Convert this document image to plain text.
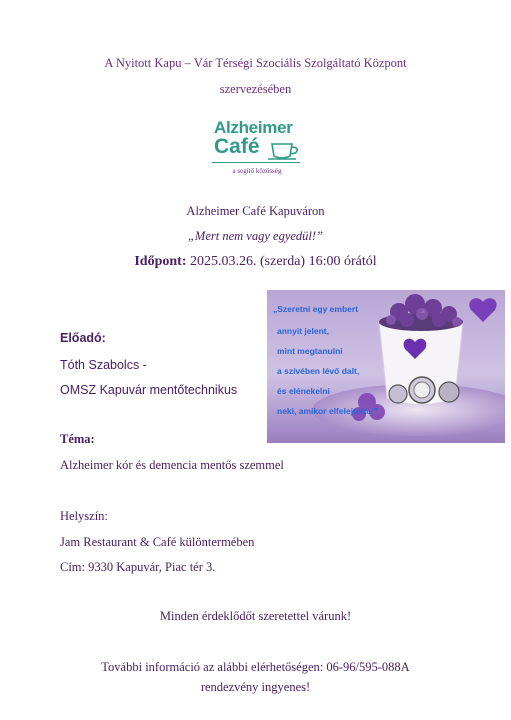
A Nyitott Kapu – Vár Térségi Szociális Szolgáltató Központ
szervezésében
Alzheimer
Café
a segítő közösség
Alzheimer Café Kapuváron
„Mert nem vagy egyedül!”
Időpont: 2025.03.26. (szerda) 16:00 órától
„Szeretni egy embert
annyit jelent,
mint megtanulni
a szívében lévő dalt,
és elénekelni
neki, amikor elfelejtette.”
Előadó:
Tóth Szabolcs -
OMSZ Kapuvár mentőtechnikus
Téma:
Alzheimer kór és demencia mentős szemmel
Helyszín:
Jam Restaurant & Café különtermében
Cím: 9330 Kapuvár, Piac tér 3.
Minden érdeklődőt szeretettel várunk!
További információ az alábbi elérhetőségen: 06-96/595-088A
rendezvény ingyenes!
